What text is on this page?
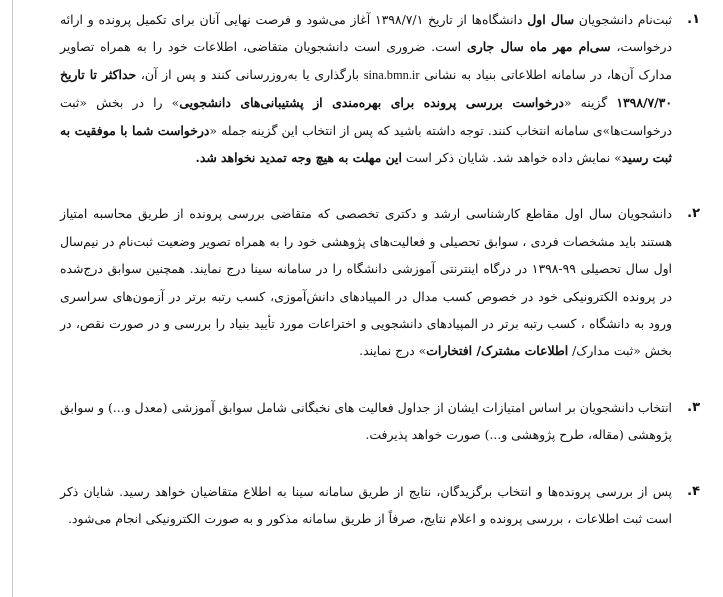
۱.
ثبت‌نام دانشجویان سال اول دانشگاه‌ها از تاریخ ۱۳۹۸/۷/۱ آغاز می‌شود و فرصت نهایی آنان برای تکمیل پرونده و ارائه درخواست، سی‌ام مهر ماه سال جاری است. ضروری است دانشجویان متقاضی، اطلاعات خود را به همراه تصاویر مدارک آن‌ها، در سامانه اطلاعاتی بنیاد به نشانی sina.bmn.ir بارگذاری یا به‌روزرسانی کنند و پس از آن، حداکثر تا تاریخ ۱۳۹۸/۷/۳۰ گزینه «درخواست بررسی پرونده برای بهره‌مندی از پشتیبانی‌های دانشجویی» را در بخش «ثبت درخواست‌ها»ی سامانه انتخاب کنند. توجه داشته باشید که پس از انتخاب این گزینه جمله «درخواست شما با موفقیت به ثبت رسید» نمایش داده خواهد شد. شایان ذکر است این مهلت به هیچ وجه تمدید نخواهد شد.
۲.
دانشجویان سال اول مقاطع کارشناسی ارشد و دکتری تخصصی که متقاضی بررسی پرونده از طریق محاسبه امتیاز هستند باید مشخصات فردی ، سوابق تحصیلی و فعالیت‌های پژوهشی خود را به همراه تصویر وضعیت ثبت‌نام در نیم‌سال اول سال تحصیلی ۹۹-۱۳۹۸ در درگاه اینترنتی آموزشی دانشگاه را در سامانه سینا درج نمایند. همچنین سوابق درج‌شده در پرونده الکترونیکی خود در خصوص کسب مدال در المپیادهای دانش‌آموزی، کسب رتبه برتر در آزمون‌های سراسری ورود به دانشگاه ، کسب رتبه برتر در المپیادهای دانشجویی و اختراعات مورد تأیید بنیاد را بررسی و در صورت نقص، در بخش «ثبت مدارک/ اطلاعات مشترک/ افتخارات» درج نمایند.
۳.
انتخاب دانشجویان بر اساس امتیازات ایشان از جداول فعالیت های نخبگانی شامل سوابق آموزشی (معدل و...) و سوابق پژوهشی (مقاله، طرح پژوهشی و...) صورت خواهد پذیرفت.
۴.
پس از بررسی پرونده‌ها و انتخاب برگزیدگان، نتایج از طریق سامانه سینا به اطلاع متقاضیان خواهد رسید. شایان ذکر است ثبت اطلاعات ، بررسی پرونده و اعلام نتایج، صرفاً از طریق سامانه مذکور و به صورت الکترونیکی انجام می‌شود.
